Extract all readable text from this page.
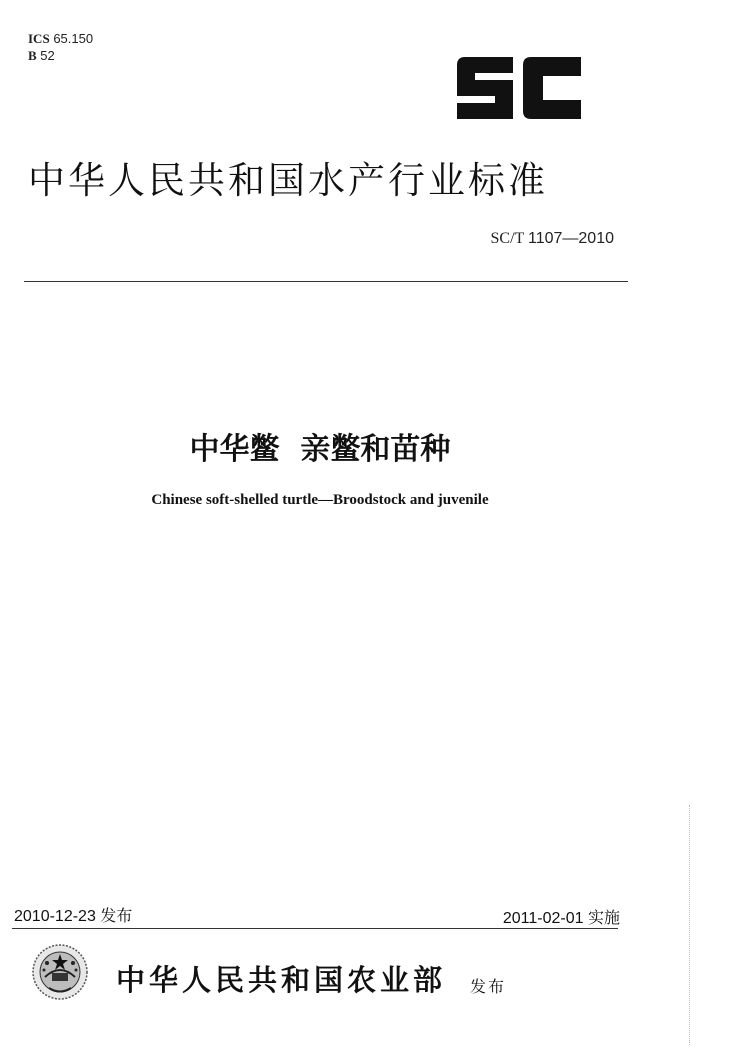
ICS 65.150
B 52
中华人民共和国水产行业标准
SC/T 1107—2010
中华鳖  亲鳖和苗种
Chinese soft-shelled turtle—Broodstock and juvenile
2010-12-23 发布	2011-02-01 实施
中华人民共和国农业部 发布
